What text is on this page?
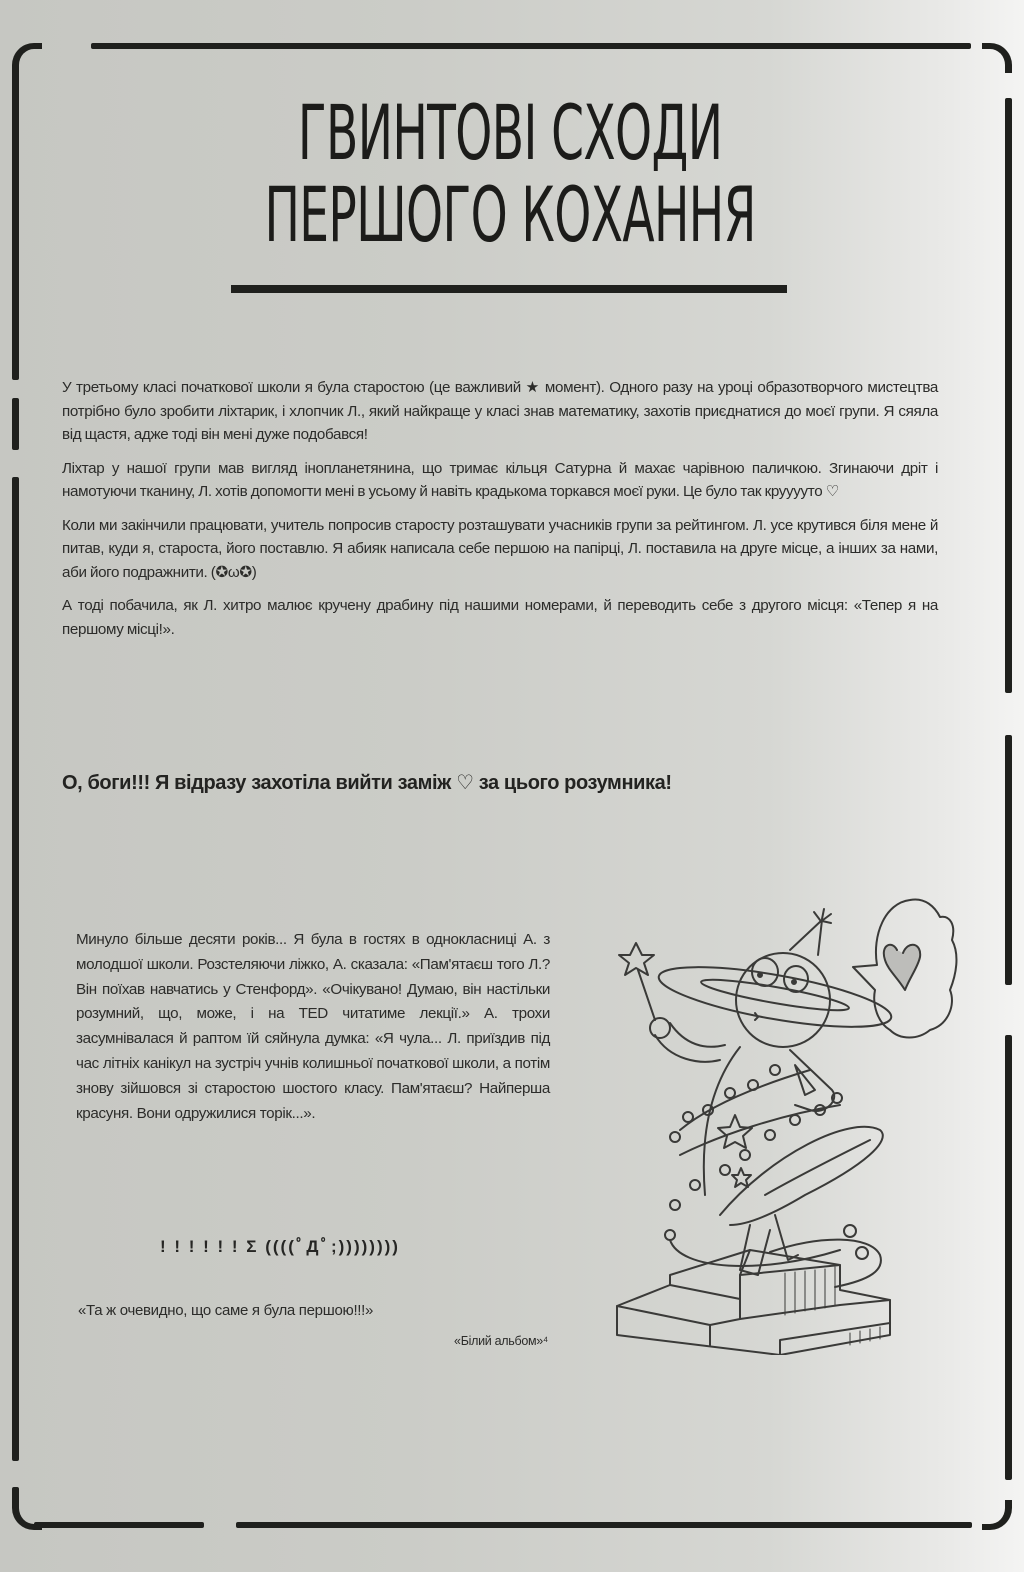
ГВИНТОВІ СХОДИ
ПЕРШОГО КОХАННЯ

У третьому класі початкової школи я була старостою (це важливий ★ момент). Одного разу на уроці образотворчого мистецтва потрібно було зробити ліхтарик, і хлопчик Л., який найкраще у класі знав математику, захотів приєднатися до моєї групи. Я сяяла від щастя, адже тоді він мені дуже подобався!

Ліхтар у нашої групи мав вигляд інопланетянина, що тримає кільця Сатурна й махає чарівною паличкою. Згинаючи дріт і намотуючи тканину, Л. хотів допомогти мені в усьому й навіть крадькома торкався моєї руки. Це було так крууууто ♡

Коли ми закінчили працювати, учитель попросив старосту розташувати учасників групи за рейтингом. Л. усе крутився біля мене й питав, куди я, староста, його поставлю. Я абияк написала себе першою на папірці, Л. поставила на друге місце, а інших за нами, аби його подражнити. (✪ω✪)

А тоді побачила, як Л. хитро малює кручену драбину під нашими номерами, й переводить себе з другого місця: «Тепер я на першому місці!».

О, боги!!! Я відразу захотіла вийти заміж ♡ за цього розумника!

Минуло більше десяти років... Я була в гостях в однокласниці А. з молодшої школи. Розстеляючи ліжко, А. сказала: «Пам'ятаєш того Л.? Він поїхав навчатись у Стенфорд». «Очікувано! Думаю, він настільки розумний, що, може, і на TED читатиме лекції.» А. трохи засумнівалася й раптом їй сяйнула думка: «Я чула... Л. приїздив під час літніх канікул на зустріч учнів колишньої початкової школи, а потім знову зійшовся зі старостою шостого класу. Пам'ятаєш? Найперша красуня. Вони одружилися торік...».

! ! ! ! ! ! Σ ((((ﾟДﾟ;))))))))
«Та ж очевидно, що саме я була першою!!!»
«Білий альбом»⁴
